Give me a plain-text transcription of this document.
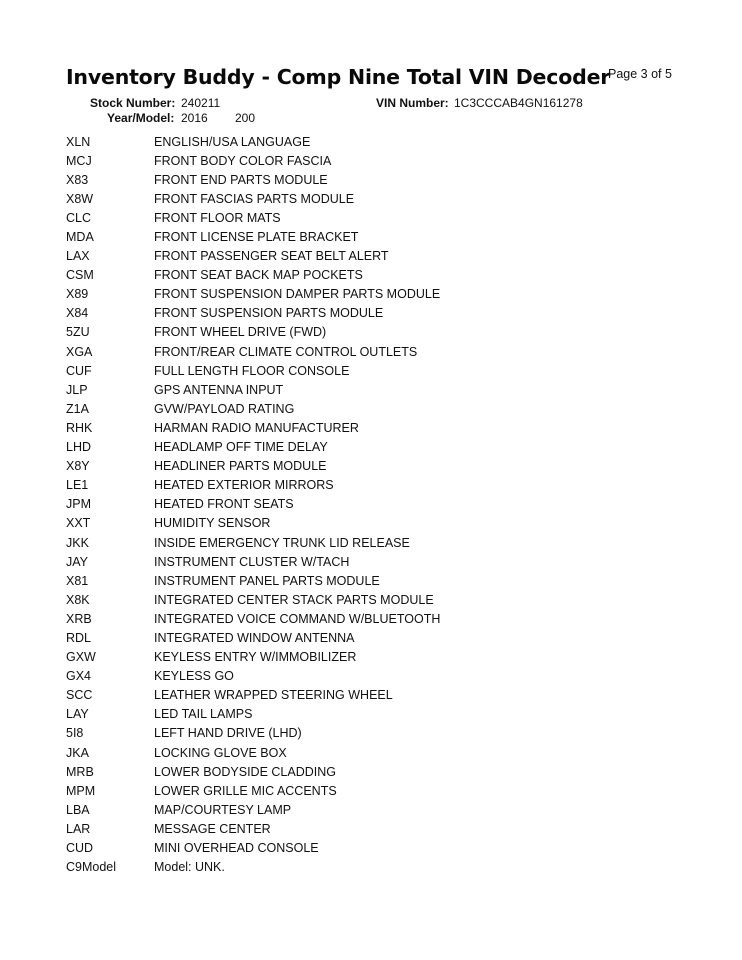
Inventory Buddy - Comp Nine Total VIN Decoder
Page 3 of 5
Stock Number: 240211	VIN Number: 1C3CCCAB4GN161278
Year/Model: 2016 200
XLN	ENGLISH/USA LANGUAGE
MCJ	FRONT BODY COLOR FASCIA
X83	FRONT END PARTS MODULE
X8W	FRONT FASCIAS PARTS MODULE
CLC	FRONT FLOOR MATS
MDA	FRONT LICENSE PLATE BRACKET
LAX	FRONT PASSENGER SEAT BELT ALERT
CSM	FRONT SEAT BACK MAP POCKETS
X89	FRONT SUSPENSION DAMPER PARTS MODULE
X84	FRONT SUSPENSION PARTS MODULE
5ZU	FRONT WHEEL DRIVE (FWD)
XGA	FRONT/REAR CLIMATE CONTROL OUTLETS
CUF	FULL LENGTH FLOOR CONSOLE
JLP	GPS ANTENNA INPUT
Z1A	GVW/PAYLOAD RATING
RHK	HARMAN RADIO MANUFACTURER
LHD	HEADLAMP OFF TIME DELAY
X8Y	HEADLINER PARTS MODULE
LE1	HEATED EXTERIOR MIRRORS
JPM	HEATED FRONT SEATS
XXT	HUMIDITY SENSOR
JKK	INSIDE EMERGENCY TRUNK LID RELEASE
JAY	INSTRUMENT CLUSTER W/TACH
X81	INSTRUMENT PANEL PARTS MODULE
X8K	INTEGRATED CENTER STACK PARTS MODULE
XRB	INTEGRATED VOICE COMMAND W/BLUETOOTH
RDL	INTEGRATED WINDOW ANTENNA
GXW	KEYLESS ENTRY W/IMMOBILIZER
GX4	KEYLESS GO
SCC	LEATHER WRAPPED STEERING WHEEL
LAY	LED TAIL LAMPS
5I8	LEFT HAND DRIVE (LHD)
JKA	LOCKING GLOVE BOX
MRB	LOWER BODYSIDE CLADDING
MPM	LOWER GRILLE MIC ACCENTS
LBA	MAP/COURTESY LAMP
LAR	MESSAGE CENTER
CUD	MINI OVERHEAD CONSOLE
C9Model	Model: UNK.
